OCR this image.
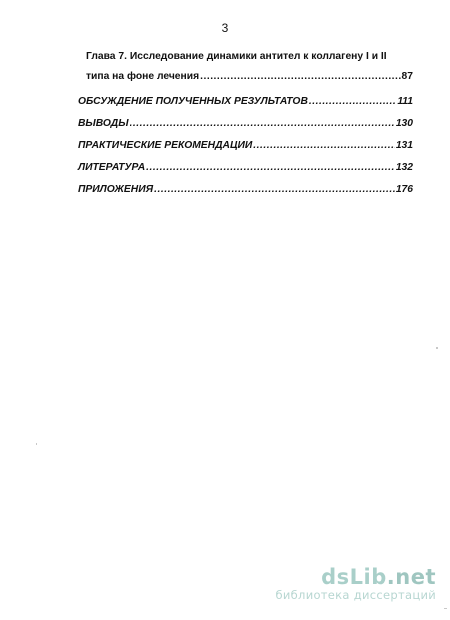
3
Глава 7. Исследование динамики антител к коллагену I и II
типа на фоне лечения .....	87
ОБСУЖДЕНИЕ ПОЛУЧЕННЫХ РЕЗУЛЬТАТОВ .....	111
ВЫВОДЫ .....	130
ПРАКТИЧЕСКИЕ РЕКОМЕНДАЦИИ .....	131
ЛИТЕРАТУРА .....	132
ПРИЛОЖЕНИЯ .....	176
dsLib.net
библиотека диссертаций
